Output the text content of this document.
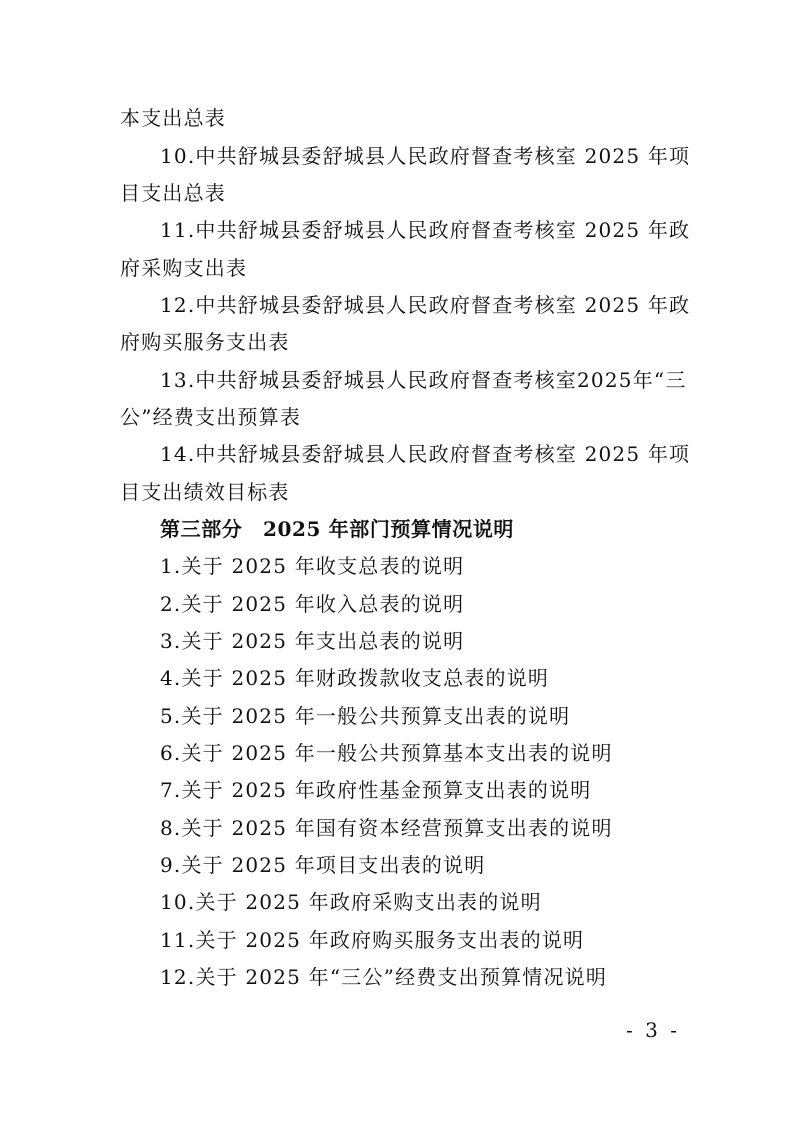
本支出总表
10.中共舒城县委舒城县人民政府督查考核室 2025 年项
目支出总表
11.中共舒城县委舒城县人民政府督查考核室 2025 年政
府采购支出表
12.中共舒城县委舒城县人民政府督查考核室 2025 年政
府购买服务支出表
13.中共舒城县委舒城县人民政府督查考核室2025年“三
公”经费支出预算表
14.中共舒城县委舒城县人民政府督查考核室 2025 年项
目支出绩效目标表
第三部分　2025 年部门预算情况说明
1.关于 2025 年收支总表的说明
2.关于 2025 年收入总表的说明
3.关于 2025 年支出总表的说明
4.关于 2025 年财政拨款收支总表的说明
5.关于 2025 年一般公共预算支出表的说明
6.关于 2025 年一般公共预算基本支出表的说明
7.关于 2025 年政府性基金预算支出表的说明
8.关于 2025 年国有资本经营预算支出表的说明
9.关于 2025 年项目支出表的说明
10.关于 2025 年政府采购支出表的说明
11.关于 2025 年政府购买服务支出表的说明
12.关于 2025 年“三公”经费支出预算情况说明
- 3 -
